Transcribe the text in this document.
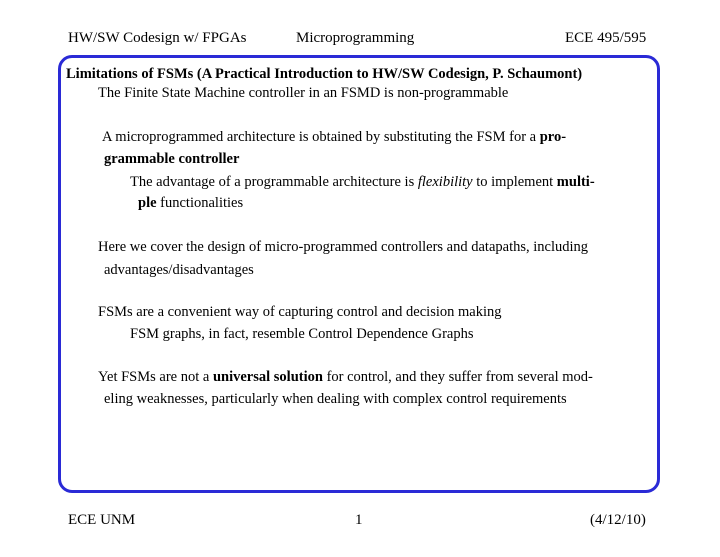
HW/SW Codesign w/ FPGAs	Microprogramming	ECE 495/595
Limitations of FSMs (A Practical Introduction to HW/SW Codesign, P. Schaumont)
The Finite State Machine controller in an FSMD is non-programmable
A microprogrammed architecture is obtained by substituting the FSM for a pro-
grammable controller
The advantage of a programmable architecture is flexibility to implement multi-
ple functionalities
Here we cover the design of micro-programmed controllers and datapaths, including
advantages/disadvantages
FSMs are a convenient way of capturing control and decision making
FSM graphs, in fact, resemble Control Dependence Graphs
Yet FSMs are not a universal solution for control, and they suffer from several mod-
eling weaknesses, particularly when dealing with complex control requirements
ECE UNM	1	(4/12/10)
